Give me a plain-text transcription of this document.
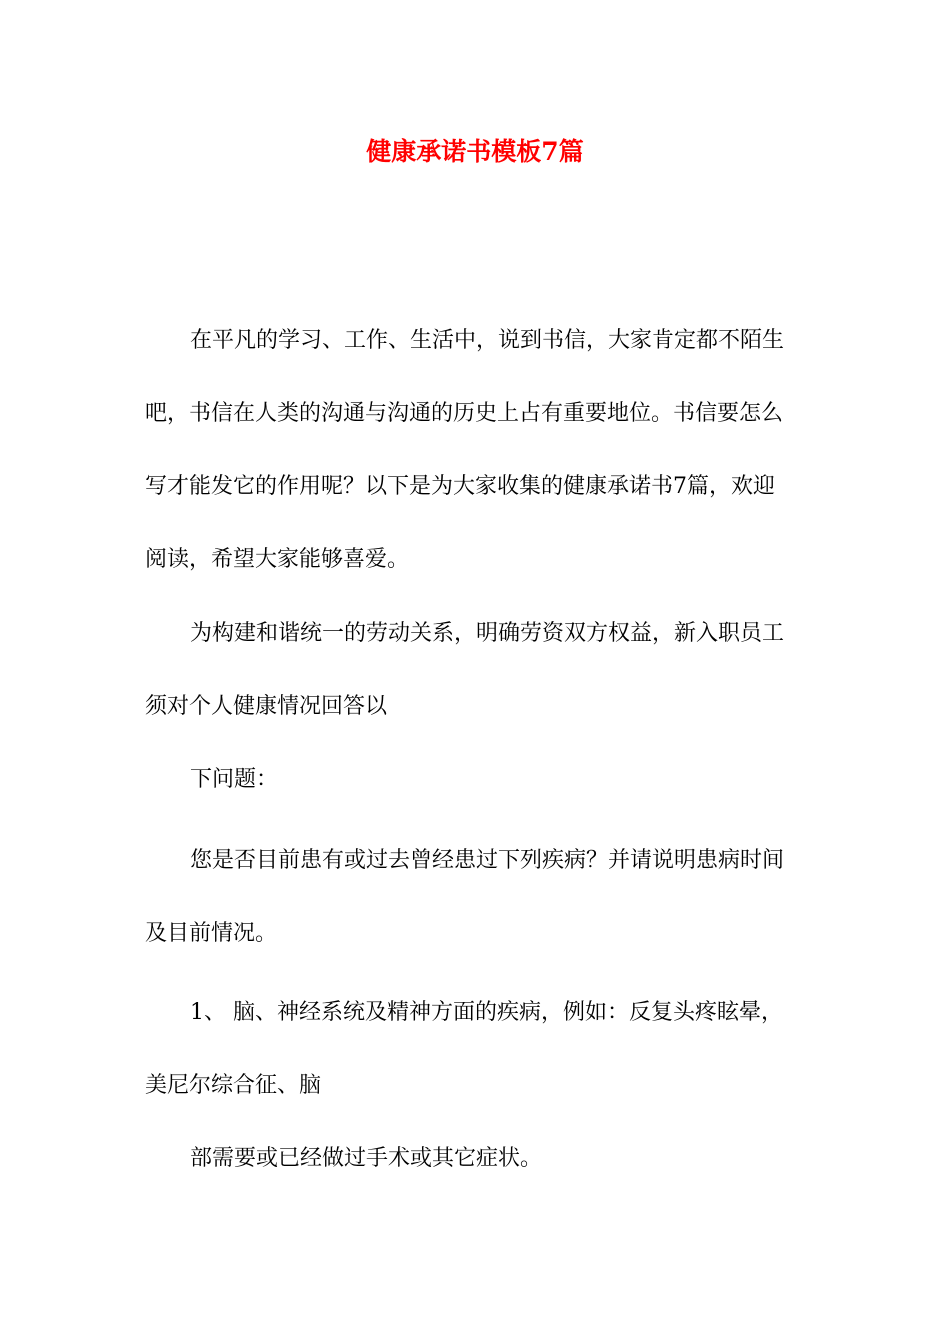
健康承诺书模板7篇
在平凡的学习、工作、生活中，说到书信，大家肯定都不陌生
吧，书信在人类的沟通与沟通的历史上占有重要地位。书信要怎么
写才能发它的作用呢？以下是为大家收集的健康承诺书7篇，欢迎
阅读，希望大家能够喜爱。
为构建和谐统一的劳动关系，明确劳资双方权益，新入职员工
须对个人健康情况回答以
下问题：
您是否目前患有或过去曾经患过下列疾病？并请说明患病时间
及目前情况。
1、 脑、神经系统及精神方面的疾病，例如：反复头疼眩晕，
美尼尔综合征、脑
部需要或已经做过手术或其它症状。
